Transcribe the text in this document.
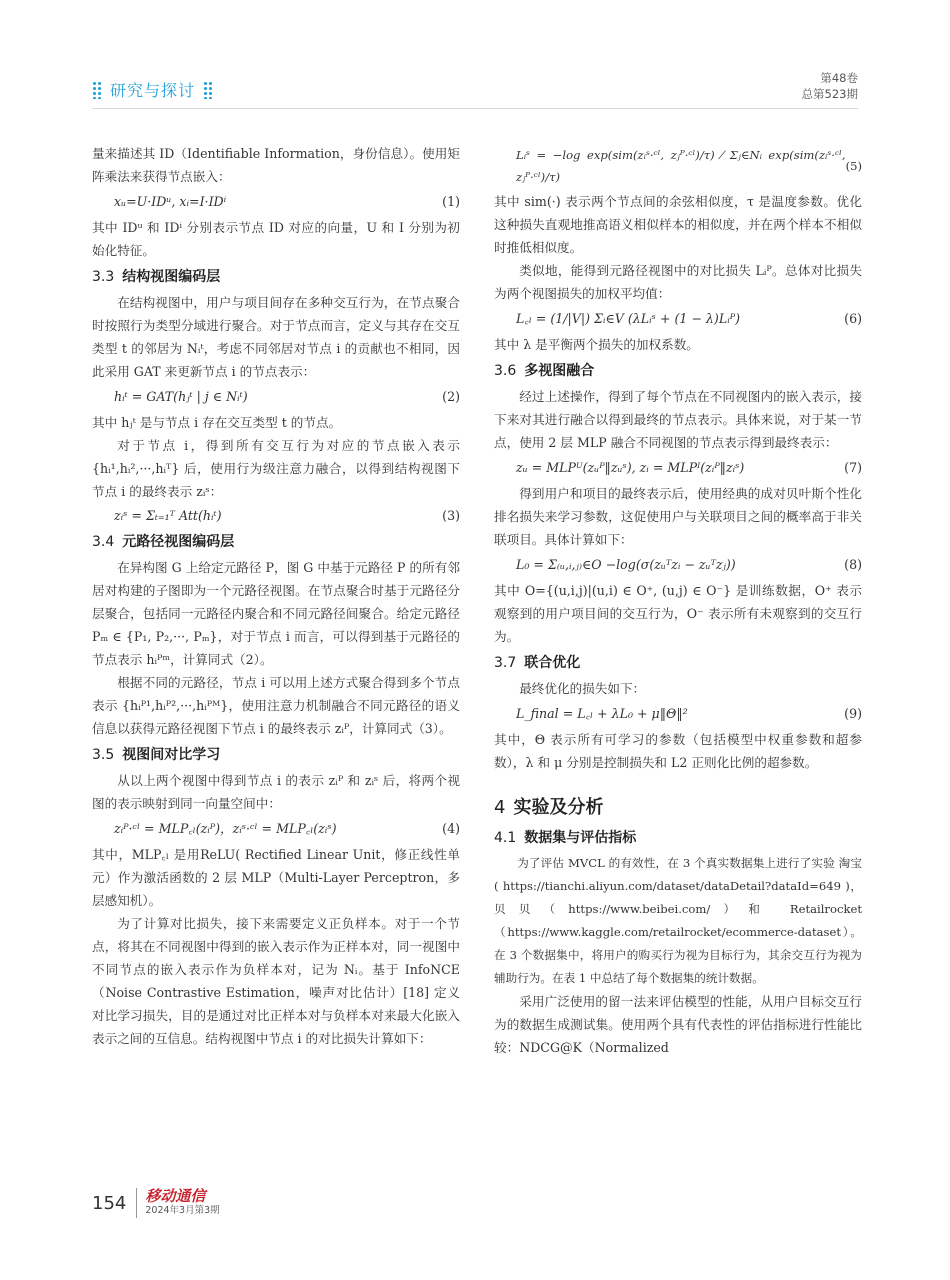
研究与探讨
第48卷
总第523期

量来描述其 ID（Identifiable Information，身份信息）。使用矩阵乘法来获得节点嵌入：

xᵤ=U·IDᵘ, xᵢ=I·IDⁱ	(1)

其中 IDᵘ 和 IDⁱ 分别表示节点 ID 对应的向量，U 和 I 分别为初始化特征。

3.3 结构视图编码层

在结构视图中，用户与项目间存在多种交互行为，在节点聚合时按照行为类型分域进行聚合。对于节点而言，定义与其存在交互类型 t 的邻居为 Nᵢᵗ，考虑不同邻居对节点 i 的贡献也不相同，因此采用 GAT 来更新节点 i 的节点表示：

hᵢᵗ = GAT(hⱼᵗ | j ∈ Nᵢᵗ)	(2)

其中 hⱼᵗ 是与节点 i 存在交互类型 t 的节点。

对于节点 i，得到所有交互行为对应的节点嵌入表示 {hᵢ¹,hᵢ²,···,hᵢᵀ} 后，使用行为级注意力融合，以得到结构视图下节点 i 的最终表示 zᵢˢ：

zᵢˢ = Σₜ₌₁ᵀ Att(hᵢᵗ)	(3)
3.4 元路径视图编码层

在异构图 G 上给定元路径 P，图 G 中基于元路径 P 的所有邻居对构建的子图即为一个元路径视图。在节点聚合时基于元路径分层聚合，包括同一元路径内聚合和不同元路径间聚合。给定元路径 Pₘ ∈ {P₁, P₂,···, Pₘ}，对于节点 i 而言，可以得到基于元路径的节点表示 hᵢᴾᵐ，计算同式（2）。

根据不同的元路径，节点 i 可以用上述方式聚合得到多个节点表示 {hᵢᴾ¹,hᵢᴾ²,···,hᵢᴾᴹ}，使用注意力机制融合不同元路径的语义信息以获得元路径视图下节点 i 的最终表示 zᵢᴾ，计算同式（3）。

3.5 视图间对比学习

从以上两个视图中得到节点 i 的表示 zᵢᴾ 和 zᵢˢ 后，将两个视图的表示映射到同一向量空间中：

zᵢᴾ·ᶜˡ = MLP꜀ₗ(zᵢᴾ)，zᵢˢ·ᶜˡ = MLP꜀ₗ(zᵢˢ)	(4)

其中，MLP꜀ₗ 是用ReLU( Rectified Linear Unit，修正线性单元）作为激活函数的 2 层 MLP（Multi-Layer Perceptron，多层感知机）。

为了计算对比损失，接下来需要定义正负样本。对于一个节点，将其在不同视图中得到的嵌入表示作为正样本对，同一视图中不同节点的嵌入表示作为负样本对，记为 Nᵢ。基于 InfoNCE（Noise Contrastive Estimation，噪声对比估计）[18] 定义对比学习损失，目的是通过对比正样本对与负样本对来最大化嵌入表示之间的互信息。结构视图中节点 i 的对比损失计算如下：

Lᵢˢ = −log exp(sim(zᵢˢ·ᶜˡ, zⱼᴾ·ᶜˡ)/τ) ⁄ Σⱼ∈Nᵢ exp(sim(zᵢˢ·ᶜˡ, zⱼᴾ·ᶜˡ)/τ)
(5)

其中 sim(·) 表示两个节点间的余弦相似度，τ 是温度参数。优化这种损失直观地推高语义相似样本的相似度，并在两个样本不相似时推低相似度。

类似地，能得到元路径视图中的对比损失 Lᵢᴾ。总体对比损失为两个视图损失的加权平均值：

L꜀ₗ = (1/|V|) Σᵢ∈V (λLᵢˢ + (1 − λ)Lᵢᴾ)	(6)

其中 λ 是平衡两个损失的加权系数。

3.6 多视图融合

经过上述操作，得到了每个节点在不同视图内的嵌入表示，接下来对其进行融合以得到最终的节点表示。具体来说，对于某一节点，使用 2 层 MLP 融合不同视图的节点表示得到最终表示：

zᵤ = MLPᵁ(zᵤᴾ‖zᵤˢ), zᵢ = MLPᴵ(zᵢᴾ‖zᵢˢ)	(7)

得到用户和项目的最终表示后，使用经典的成对贝叶斯个性化排名损失来学习参数，这促使用户与关联项目之间的概率高于非关联项目。具体计算如下：

L₀ = Σ₍ᵤ,ᵢ,ⱼ₎∈O −log(σ(zᵤᵀzᵢ − zᵤᵀzⱼ))	(8)

其中 O={(u,i,j)|(u,i) ∈ O⁺, (u,j) ∈ O⁻} 是训练数据，O⁺ 表示观察到的用户项目间的交互行为，O⁻ 表示所有未观察到的交互行为。

3.7 联合优化

最终优化的损失如下：

L_final = L꜀ₗ + λL₀ + μ‖Θ‖²	(9)

其中，Θ 表示所有可学习的参数（包括模型中权重参数和超参数），λ 和 μ 分别是控制损失和 L2 正则化比例的超参数。

4 实验及分析
4.1 数据集与评估指标

为了评估 MVCL 的有效性，在 3 个真实数据集上进行了实验 淘宝( https://tianchi.aliyun.com/dataset/dataDetail?dataId=649 )，贝贝（https://www.beibei.com/）和 Retailrocket（https://www.kaggle.com/retailrocket/ecommerce-dataset）。在 3 个数据集中，将用户的购买行为视为目标行为，其余交互行为视为辅助行为。在表 1 中总结了每个数据集的统计数据。

采用广泛使用的留一法来评估模型的性能，从用户目标交互行为的数据生成测试集。使用两个具有代表性的评估指标进行性能比较：NDCG@K（Normalized

154 移动通信
2024年3月第3期
